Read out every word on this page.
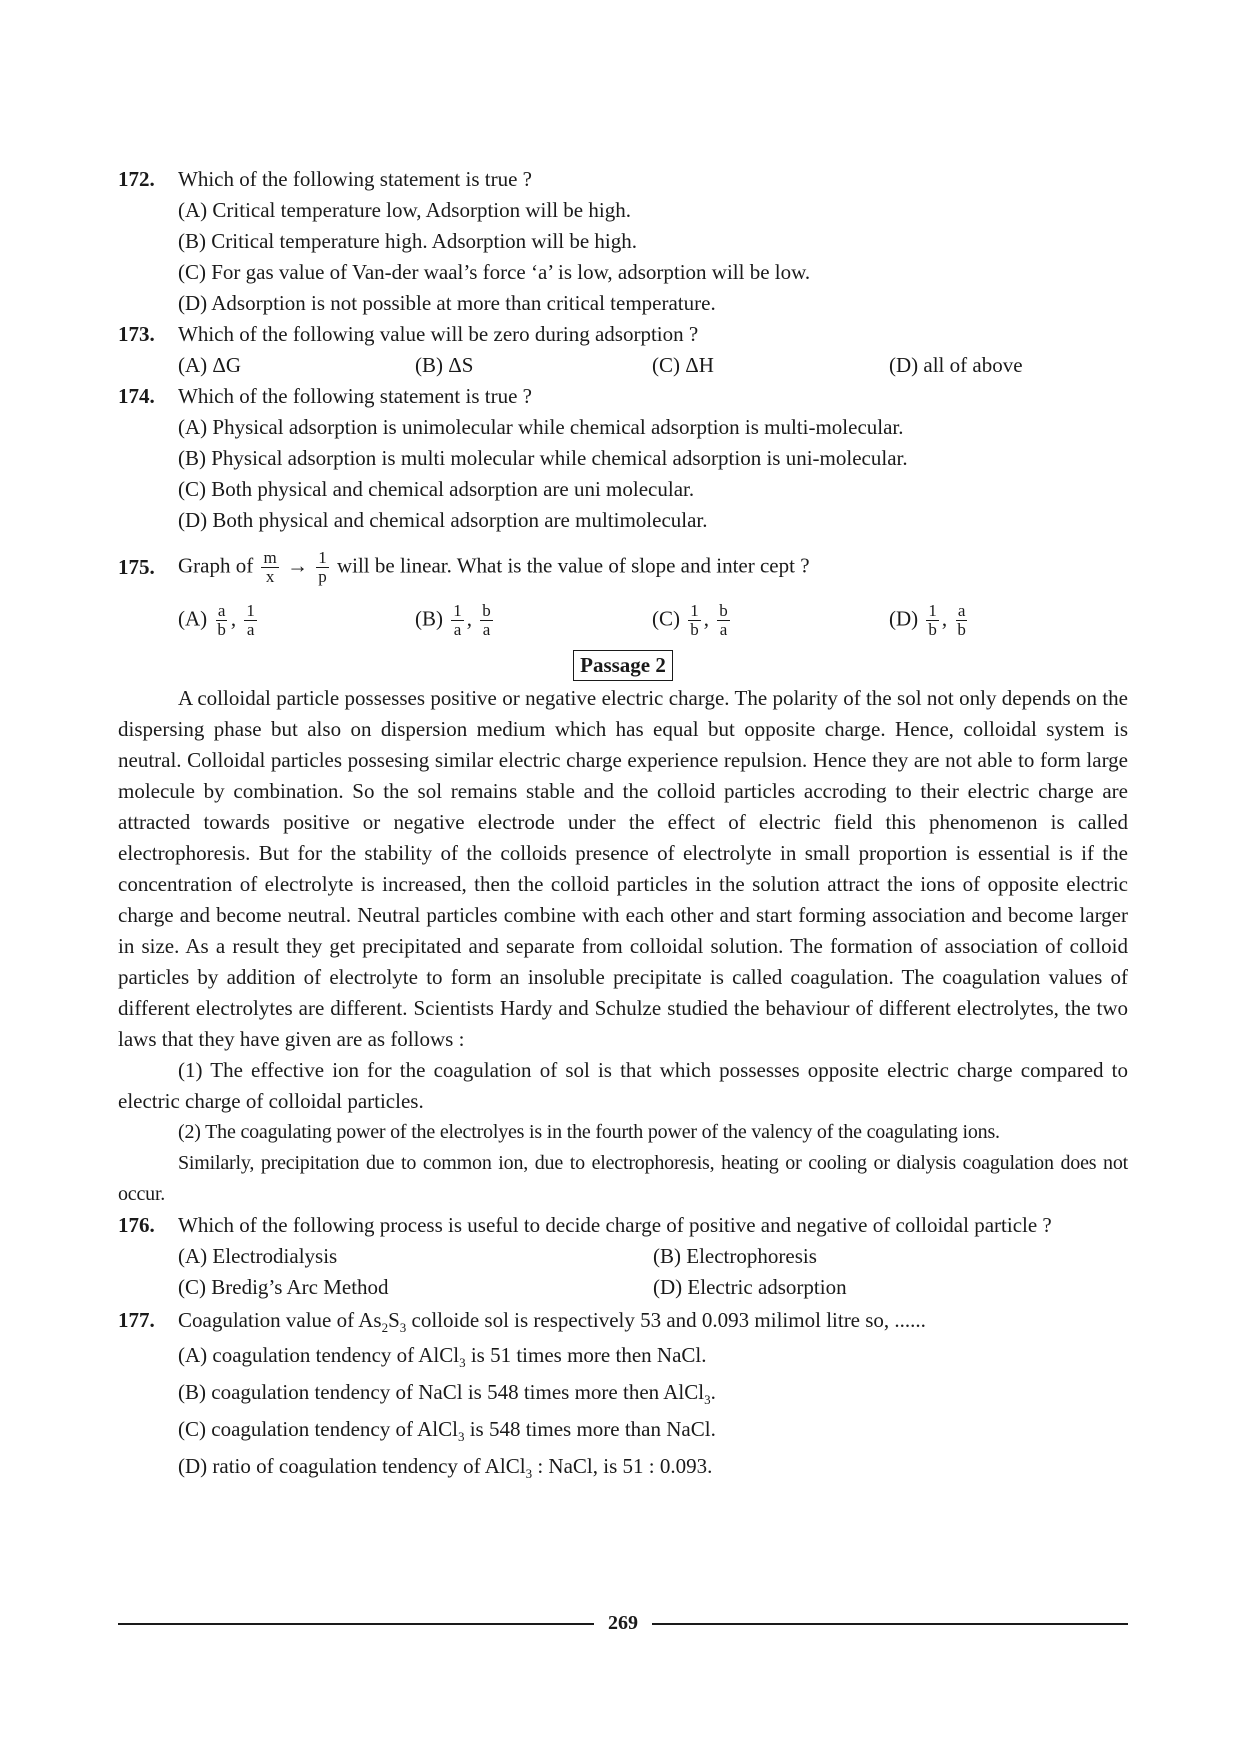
172.	Which of the following statement is true ?
(A) Critical temperature low, Adsorption will be high.
(B) Critical temperature high. Adsorption will be high.
(C) For gas value of Van-der waal’s force ‘a’ is low, adsorption will be low.
(D) Adsorption is not possible at more than critical temperature.
173.	Which of the following value will be zero during adsorption ?
(A) ΔG	(B) ΔS	(C) ΔH	(D) all of above
174.	Which of the following statement is true ?
(A) Physical adsorption is unimolecular while chemical adsorption is multi-molecular.
(B) Physical adsorption is multi molecular while chemical adsorption is uni-molecular.
(C) Both physical and chemical adsorption are uni molecular.
(D) Both physical and chemical adsorption are multimolecular.
175.	Graph of $\frac{m}{x} \to \frac{1}{p}$ will be linear. What is the value of slope and inter cept ?
$(A) \frac{a}{b}$ , $\frac{1}{a}$	$(B) \frac{1}{a}$ , $\frac{b}{a}$	$(C) \frac{1}{b}$ , $\frac{b}{a}$	$(D) \frac{1}{b}$ , $\frac{a}{b}$
Passage 2

A colloidal particle possesses positive or negative electric charge. The polarity of the sol not only depends on the dispersing phase but also on dispersion medium which has equal but opposite charge. Hence, colloidal system is neutral. Colloidal particles possesing similar electric charge experience repulsion. Hence they are not able to form large molecule by combination. So the sol remains stable and the colloid particles accroding to their electric charge are attracted towards positive or negative electrode under the effect of electric field this phenomenon is called electrophoresis. But for the stability of the colloids presence of electrolyte in small proportion is essential is if the concentration of electrolyte is increased, then the colloid particles in the solution attract the ions of opposite electric charge and become neutral. Neutral particles combine with each other and start forming association and become larger in size. As a result they get precipitated and separate from colloidal solution. The formation of association of colloid particles by addition of electrolyte to form an insoluble precipitate is called coagulation. The coagulation values of different electrolytes are different. Scientists Hardy and Schulze studied the behaviour of different electrolytes, the two laws that they have given are as follows :

(1) The effective ion for the coagulation of sol is that which possesses opposite electric charge compared to electric charge of colloidal particles.

(2) The coagulating power of the electrolyes is in the fourth power of the valency of the coagulating ions.

Similarly, precipitation due to common ion, due to electrophoresis, heating or cooling or dialysis coagulation does not occur.

176.	Which of the following process is useful to decide charge of positive and negative of colloidal particle ?
(A) Electrodialysis	(B) Electrophoresis
(C) Bredig’s Arc Method	(D) Electric adsorption
177.	Coagulation value of $As_2S_3$ colloide sol is respectively 53 and 0.093 milimol litre so, ......
(A) coagulation tendency of AlCl$_3$ is 51 times more then NaCl.
(B) coagulation tendency of NaCl is 548 times more then AlCl$_3$.
(C) coagulation tendency of AlCl$_3$ is 548 times more than NaCl.
(D) ratio of coagulation tendency of AlCl$_3$ : NaCl, is 51 : 0.093.
269
